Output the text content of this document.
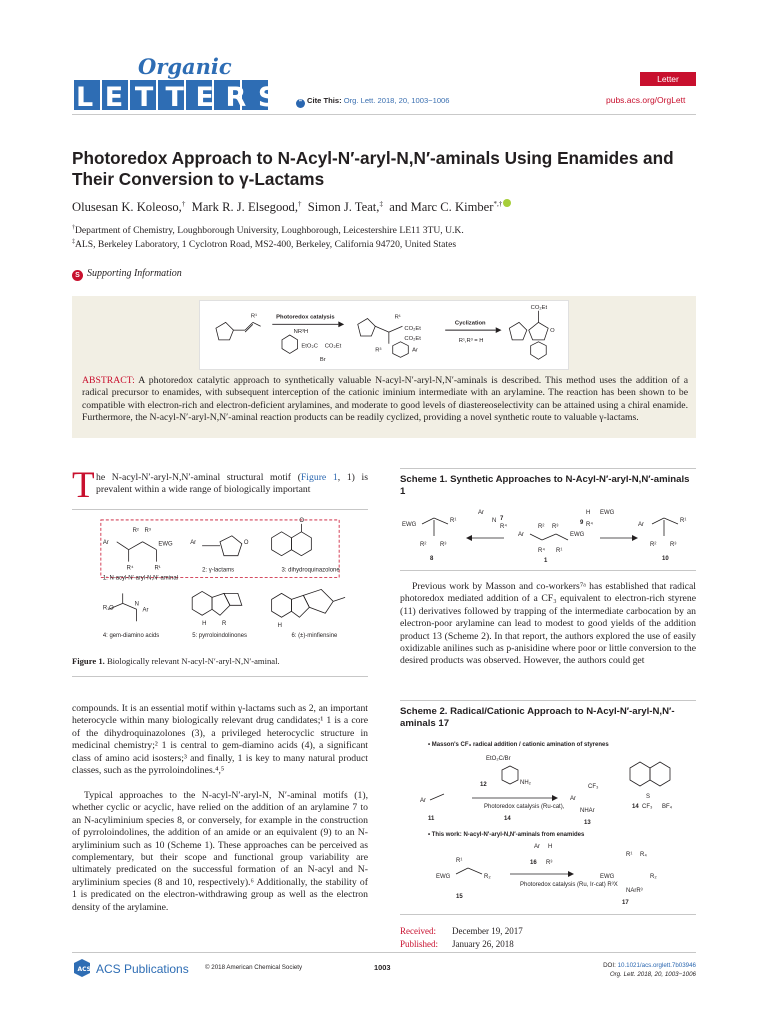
Organic
LETTERS	❞ Cite This: Org. Lett. 2018, 20, 1003−1006
Letter
pubs.acs.org/OrgLett
Photoredox Approach to N-Acyl-N′-aryl-N,N′-aminals Using Enamides and Their Conversion to γ-Lactams
Olusesan K. Koleoso,† Mark R. J. Elsegood,† Simon J. Teat,‡ and Marc C. Kimber*,†
†Department of Chemistry, Loughborough University, Loughborough, Leicestershire LE11 3TU, U.K.
‡ALS, Berkeley Laboratory, 1 Cyclotron Road, MS2-400, Berkeley, California 94720, United States
S Supporting Information
R¹	Photoredox catalysis
NR³H
EtO₂C CO₂Et
Br
R¹
CO₂Et
CO₂Et
R³	Ar
Cyclization
R¹,R³ = H
CO₂Et
O

ABSTRACT: A photoredox catalytic approach to synthetically valuable N-acyl-N′-aryl-N,N′-aminals is described. This method uses the addition of a radical precursor to enamides, with subsequent interception of the cationic iminium intermediate with an arylamine. The reaction has been shown to be compatible with electron-rich and electron-deficient arylamines, and moderate to good levels of diastereoselectivity can be attained using a chiral enamide. Furthermore, the N-acyl-N′-aryl-N,N′-aminal reaction products can be readily cyclized, providing a novel synthetic route to valuable γ-lactams.

T he N-acyl-N′-aryl-N,N′-aminal structural motif (Figure 1, 1) is prevalent within a wide range of biologically important

Ar
R² R³
EWG
R⁴	R¹
1: N-acyl-N′-aryl-N,N′-aminal
Ar	O
2: γ-lactams
O
3: dihydroquinazolone
R₁O
N
Ar
4: gem-diamino acids
H	R
5: pyrroloindolinones
H
6: (±)-minfiensine
Figure 1. Biologically relevant N-acyl-N′-aryl-N,N′-aminal.

compounds. It is an essential motif within γ-lactams such as 2, an important heterocycle within many biologically relevant drug candidates;¹ 1 is a core of the dihydroquinazolones (3), a privileged heterocyclic structure in medicinal chemistry;² 1 is central to gem-diamino acids (4), a significant class of amino acid isosters;³ and finally, 1 is key to many natural product classes, such as the pyrroloindolines.⁴,⁵

Typical approaches to the N-acyl-N′-aryl-N, N′-aminal motifs (1), whether cyclic or acyclic, have relied on the addition of an arylamine 7 to an N-acyliminium species 8, or conversely, for example in the construction of pyrroloindolines, the addition of an amide or an equivalent (9) to an N-aryliminium such as 10 (Scheme 1). These approaches can be perceived as complementary, but their scope and functional group variability are ultimately predicated on the successful formation of an N-acyl and N-aryliminium species (8 and 10, respectively).⁶ Additionally, the stability of 1 is predicated on the electron-withdrawing group as well as the electron density of the arylamine.

Scheme 1. Synthetic Approaches to N-Acyl-N′-aryl-N,N′-aminals 1
EWG
R¹
R² R³
8
Ar
N
R⁴
7
Ar
R² R³
EWG
R⁴ R¹
1
H EWG
9 R⁴	Ar
R¹
R² R³
10

Previous work by Masson and co-workers⁷ᵃ has established that radical photoredox mediated addition of a CF₃ equivalent to electron-rich styrene (11) derivatives followed by trapping of the intermediate carbocation by an electron-poor arylamine can lead to modest to good yields of the addition product 13 (Scheme 2). In that report, the authors explored the use of easily oxidizable anilines such as p-anisidine where poor or little conversion to the desired products was observed. However, the authors could get

Scheme 2. Radical/Cationic Approach to N-Acyl-N′-aryl-N,N′-aminals 17
• Masson's CF₃ radical addition / cationic amination of styrenes
EtO₂C/Br
NH₂
12
Ar
11
Photoredox catalysis (Ru-cat),
14
Ar
CF₃
NHAr
13
S
CF₃ BF₄
14
• This work: N-acyl-N′-aryl-N,N′-aminals from enamides
Ar H
16 R³
R¹
EWG	R₂
15
Photoredox catalysis (Ru, Ir-cat) R³X
R¹ R₄
EWG	R₂
NArR³
17
Received: December 19, 2017
Published: January 26, 2018
ACS ACS Publications	© 2018 American Chemical Society	1003	DOI: 10.1021/acs.orglett.7b03946
Org. Lett. 2018, 20, 1003−1006
